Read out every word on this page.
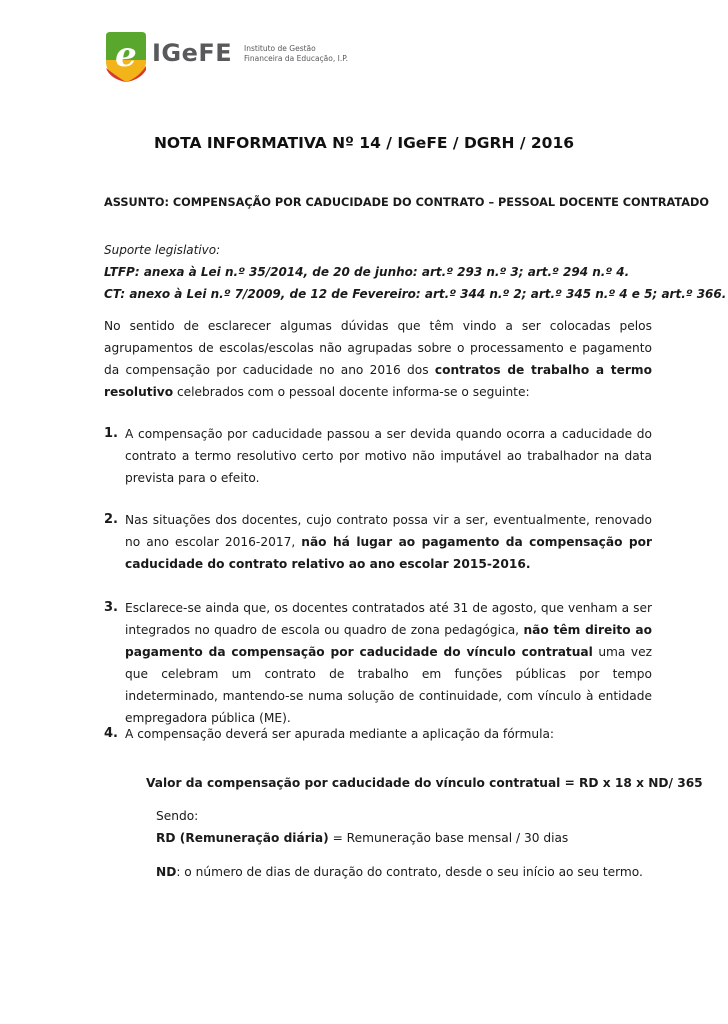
e IGeFE Instituto de Gestão
Financeira da Educação, I.P.
NOTA INFORMATIVA Nº 14 / IGeFE / DGRH / 2016
ASSUNTO: COMPENSAÇÃO POR CADUCIDADE DO CONTRATO – PESSOAL DOCENTE CONTRATADO
Suporte legislativo:
LTFP: anexa à Lei n.º 35/2014, de 20 de junho: art.º 293 n.º 3; art.º 294 n.º 4.
CT: anexo à Lei n.º 7/2009, de 12 de Fevereiro: art.º 344 n.º 2; art.º 345 n.º 4 e 5; art.º 366.
No sentido de esclarecer algumas dúvidas que têm vindo a ser colocadas pelos agrupamentos de escolas/escolas não agrupadas sobre o processamento e pagamento da compensação por caducidade no ano 2016 dos contratos de trabalho a termo resolutivo celebrados com o pessoal docente informa-se o seguinte:
1. A compensação por caducidade passou a ser devida quando ocorra a caducidade do contrato a termo resolutivo certo por motivo não imputável ao trabalhador na data prevista para o efeito.
2. Nas situações dos docentes, cujo contrato possa vir a ser, eventualmente, renovado no ano escolar 2016-2017, não há lugar ao pagamento da compensação por caducidade do contrato relativo ao ano escolar 2015-2016.
3. Esclarece-se ainda que, os docentes contratados até 31 de agosto, que venham a ser integrados no quadro de escola ou quadro de zona pedagógica, não têm direito ao pagamento da compensação por caducidade do vínculo contratual uma vez que celebram um contrato de trabalho em funções públicas por tempo indeterminado, mantendo-se numa solução de continuidade, com vínculo à entidade empregadora pública (ME).
4. A compensação deverá ser apurada mediante a aplicação da fórmula:
Valor da compensação por caducidade do vínculo contratual = RD x 18 x ND/ 365
Sendo:
RD (Remuneração diária) = Remuneração base mensal / 30 dias
ND: o número de dias de duração do contrato, desde o seu início ao seu termo.
